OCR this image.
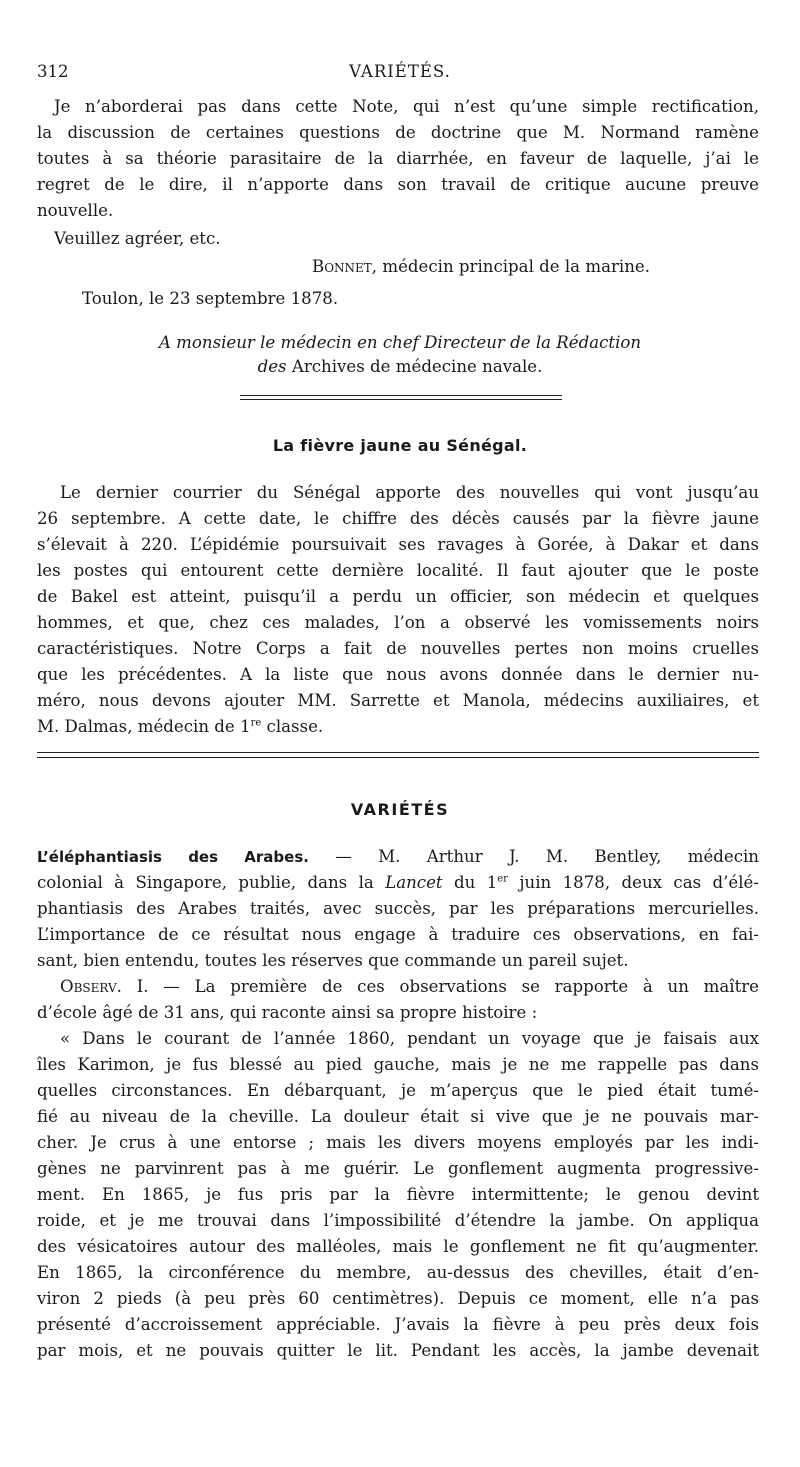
312	VARIÉTÉS.
Je n’aborderai pas dans cette Note, qui n’est qu’une simple rectification,
la discussion de certaines questions de doctrine que M. Normand ramène
toutes à sa théorie parasitaire de la diarrhée, en faveur de laquelle, j’ai le
regret de le dire, il n’apporte dans son travail de critique aucune preuve
nouvelle.
Veuillez agréer, etc.
Bonnet, médecin principal de la marine.
Toulon, le 23 septembre 1878.
A monsieur le médecin en chef Directeur de la Rédaction
des Archives de médecine navale.
La fièvre jaune au Sénégal.
Le dernier courrier du Sénégal apporte des nouvelles qui vont jusqu’au
26 septembre. A cette date, le chiffre des décès causés par la fièvre jaune
s’élevait à 220. L’épidémie poursuivait ses ravages à Gorée, à Dakar et dans
les postes qui entourent cette dernière localité. Il faut ajouter que le poste
de Bakel est atteint, puisqu’il a perdu un officier, son médecin et quelques
hommes, et que, chez ces malades, l’on a observé les vomissements noirs
caractéristiques. Notre Corps a fait de nouvelles pertes non moins cruelles
que les précédentes. A la liste que nous avons donnée dans le dernier nu-
méro, nous devons ajouter MM. Sarrette et Manola, médecins auxiliaires, et
M. Dalmas, médecin de 1re classe.
VARIÉTÉS
L’éléphantiasis des Arabes. — M. Arthur J. M. Bentley, médecin
colonial à Singapore, publie, dans la Lancet du 1er juin 1878, deux cas d’élé-
phantiasis des Arabes traités, avec succès, par les préparations mercurielles.
L’importance de ce résultat nous engage à traduire ces observations, en fai-
sant, bien entendu, toutes les réserves que commande un pareil sujet.
Observ. I. — La première de ces observations se rapporte à un maître
d’école âgé de 31 ans, qui raconte ainsi sa propre histoire :
« Dans le courant de l’année 1860, pendant un voyage que je faisais aux
îles Karimon, je fus blessé au pied gauche, mais je ne me rappelle pas dans
quelles circonstances. En débarquant, je m’aperçus que le pied était tumé-
fié au niveau de la cheville. La douleur était si vive que je ne pouvais mar-
cher. Je crus à une entorse ; mais les divers moyens employés par les indi-
gènes ne parvinrent pas à me guérir. Le gonflement augmenta progressive-
ment. En 1865, je fus pris par la fièvre intermittente; le genou devint
roide, et je me trouvai dans l’impossibilité d’étendre la jambe. On appliqua
des vésicatoires autour des malléoles, mais le gonflement ne fit qu’augmenter.
En 1865, la circonférence du membre, au-dessus des chevilles, était d’en-
viron 2 pieds (à peu près 60 centimètres). Depuis ce moment, elle n’a pas
présenté d’accroissement appréciable. J’avais la fièvre à peu près deux fois
par mois, et ne pouvais quitter le lit. Pendant les accès, la jambe devenait
